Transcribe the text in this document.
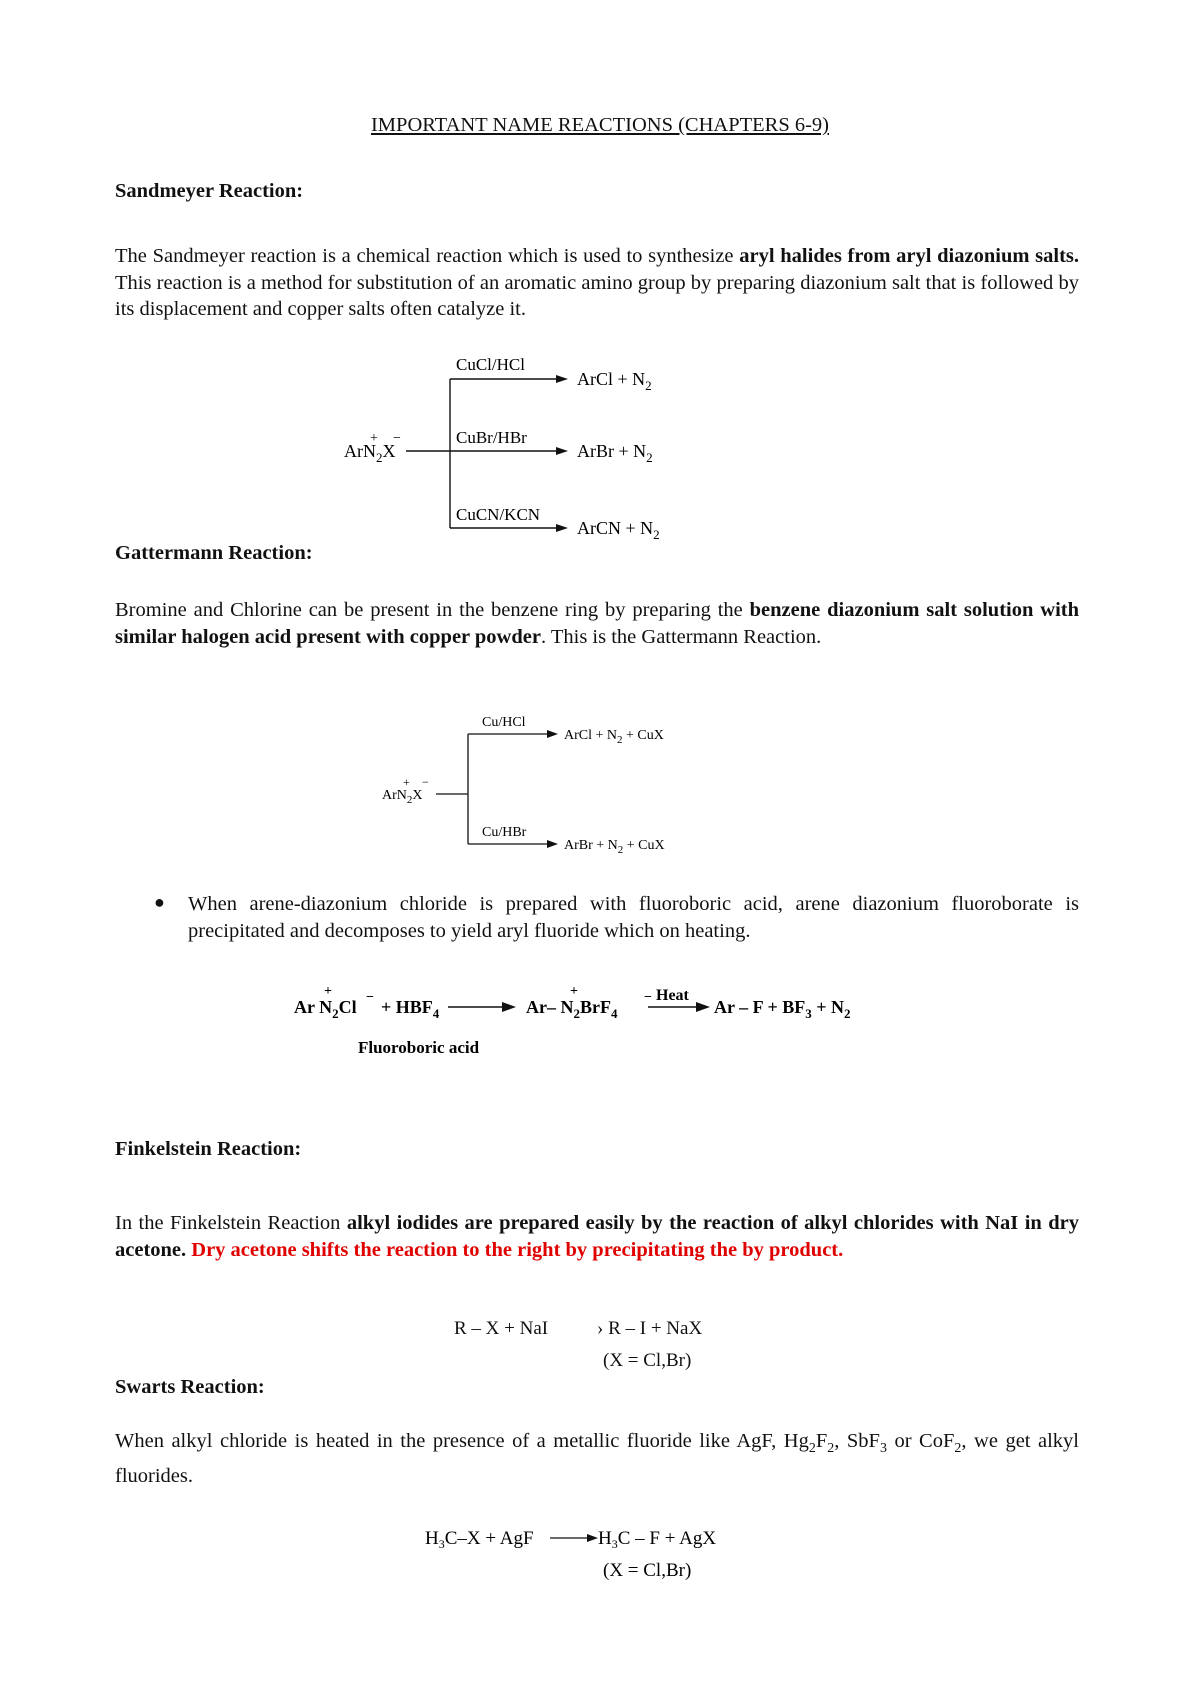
IMPORTANT NAME REACTIONS (CHAPTERS 6-9)
Sandmeyer Reaction:
The Sandmeyer reaction is a chemical reaction which is used to synthesize aryl halides from aryl diazonium salts. This reaction is a method for substitution of an aromatic amino group by preparing diazonium salt that is followed by its displacement and copper salts often catalyze it.
ArN$_2$X
+ −
CuCl/HCl
ArCl + $N_2$
CuBr/HBr
ArBr + $N_2$
CuCN/KCN
ArCN + $N_2$
Gattermann Reaction:
Bromine and Chlorine can be present in the benzene ring by preparing the benzene diazonium salt solution with similar halogen acid present with copper powder. This is the Gattermann Reaction.
ArN$_2$X
+ −
Cu/HCl
ArCl + $N_2$ + CuX
Cu/HBr
ArBr + $N_2$ + CuX
● When arene-diazonium chloride is prepared with fluoroboric acid, arene diazonium fluoroborate is precipitated and decomposes to yield aryl fluoride which on heating.
Ar $N_2Cl$
+ − + $HBF_4$	Ar– $N_2BrF_4$
+	− Heat
$Ar - F + BF_3 + N_2$
Fluoroboric acid
Finkelstein Reaction:
In the Finkelstein Reaction alkyl iodides are prepared easily by the reaction of alkyl chlorides with NaI in dry acetone. Dry acetone shifts the reaction to the right by precipitating the by product.
R – X + NaI	› R – I + NaX
(X = Cl,Br)
Swarts Reaction:
When alkyl chloride is heated in the presence of a metallic fluoride like AgF, $Hg_2F_2$, SbF$_3$ or CoF$_2$, we get alkyl fluorides.
$H_3C-X$ + AgF	$H_3C$ – F + AgX
(X = Cl,Br)
